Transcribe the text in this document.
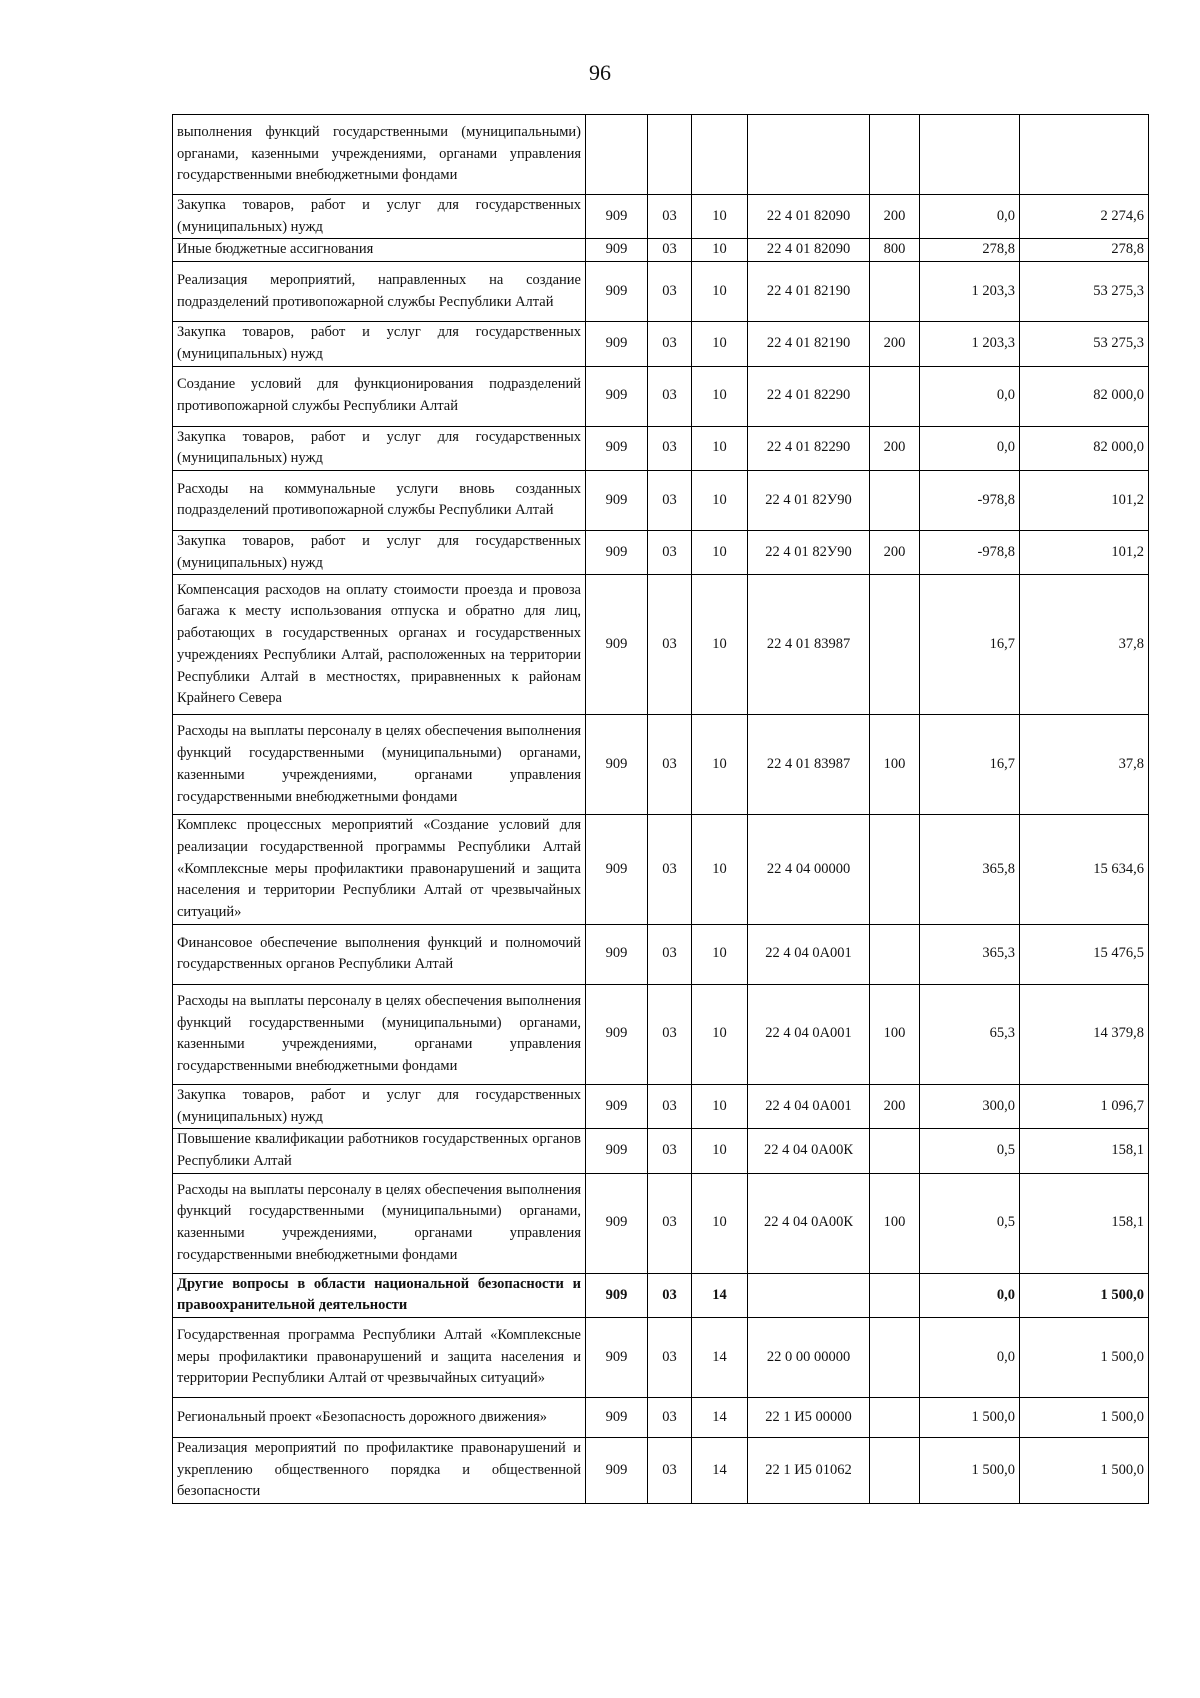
96
выполнения функций государственными (муниципальными) органами, казенными учреждениями, органами управления государственными внебюджетными фондами							
Закупка товаров, работ и услуг для государственных (муниципальных) нужд	909	03	10	22 4 01 82090	200	0,0	2 274,6
Иные бюджетные ассигнования	909	03	10	22 4 01 82090	800	278,8	278,8
Реализация мероприятий, направленных на создание подразделений противопожарной службы Республики Алтай	909	03	10	22 4 01 82190		1 203,3	53 275,3
Закупка товаров, работ и услуг для государственных (муниципальных) нужд	909	03	10	22 4 01 82190	200	1 203,3	53 275,3
Создание условий для функционирования подразделений противопожарной службы Республики Алтай	909	03	10	22 4 01 82290		0,0	82 000,0
Закупка товаров, работ и услуг для государственных (муниципальных) нужд	909	03	10	22 4 01 82290	200	0,0	82 000,0
Расходы на коммунальные услуги вновь созданных подразделений противопожарной службы Республики Алтай	909	03	10	22 4 01 82У90		-978,8	101,2
Закупка товаров, работ и услуг для государственных (муниципальных) нужд	909	03	10	22 4 01 82У90	200	-978,8	101,2
Компенсация расходов на оплату стоимости проезда и провоза багажа к месту использования отпуска и обратно для лиц, работающих в государственных органах и государственных учреждениях Республики Алтай, расположенных на территории Республики Алтай в местностях, приравненных к районам Крайнего Севера	909	03	10	22 4 01 83987		16,7	37,8
Расходы на выплаты персоналу в целях обеспечения выполнения функций государственными (муниципальными) органами, казенными учреждениями, органами управления государственными внебюджетными фондами	909	03	10	22 4 01 83987	100	16,7	37,8
Комплекс процессных мероприятий «Создание условий для реализации государственной программы Республики Алтай «Комплексные меры профилактики правонарушений и защита населения и территории Республики Алтай от чрезвычайных ситуаций»	909	03	10	22 4 04 00000		365,8	15 634,6
Финансовое обеспечение выполнения функций и полномочий государственных органов Республики Алтай	909	03	10	22 4 04 0А001		365,3	15 476,5
Расходы на выплаты персоналу в целях обеспечения выполнения функций государственными (муниципальными) органами, казенными учреждениями, органами управления государственными внебюджетными фондами	909	03	10	22 4 04 0А001	100	65,3	14 379,8
Закупка товаров, работ и услуг для государственных (муниципальных) нужд	909	03	10	22 4 04 0А001	200	300,0	1 096,7
Повышение квалификации работников государственных органов Республики Алтай	909	03	10	22 4 04 0А00К		0,5	158,1
Расходы на выплаты персоналу в целях обеспечения выполнения функций государственными (муниципальными) органами, казенными учреждениями, органами управления государственными внебюджетными фондами	909	03	10	22 4 04 0А00К	100	0,5	158,1
Другие вопросы в области национальной безопасности и правоохранительной деятельности	909	03	14			0,0	1 500,0
Государственная программа Республики Алтай «Комплексные меры профилактики правонарушений и защита населения и территории Республики Алтай от чрезвычайных ситуаций»	909	03	14	22 0 00 00000		0,0	1 500,0
Региональный проект «Безопасность дорожного движения»	909	03	14	22 1 И5 00000		1 500,0	1 500,0
Реализация мероприятий по профилактике правонарушений и укреплению общественного порядка и общественной безопасности	909	03	14	22 1 И5 01062		1 500,0	1 500,0
